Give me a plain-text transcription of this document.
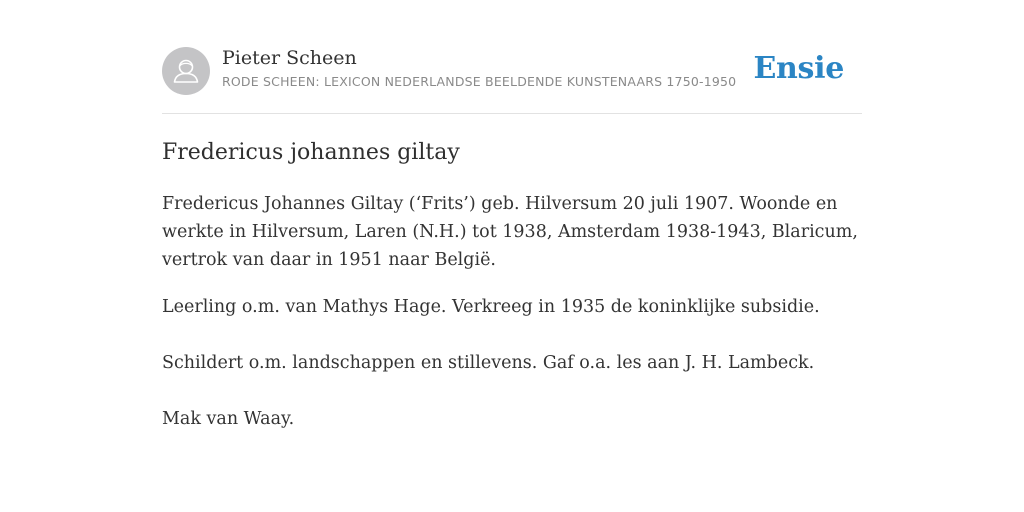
Pieter Scheen
RODE SCHEEN: LEXICON NEDERLANDSE BEELDENDE KUNSTENAARS 1750-1950 Ensie
Fredericus johannes giltay

Fredericus Johannes Giltay (‘Frits’) geb. Hilversum 20 juli 1907. Woonde en werkte in Hilversum, Laren (N.H.) tot 1938, Amsterdam 1938-1943, Blaricum, vertrok van daar in 1951 naar België.

Leerling o.m. van Mathys Hage. Verkreeg in 1935 de koninklijke subsidie.

Schildert o.m. landschappen en stillevens. Gaf o.a. les aan J. H. Lambeck.

Mak van Waay.
